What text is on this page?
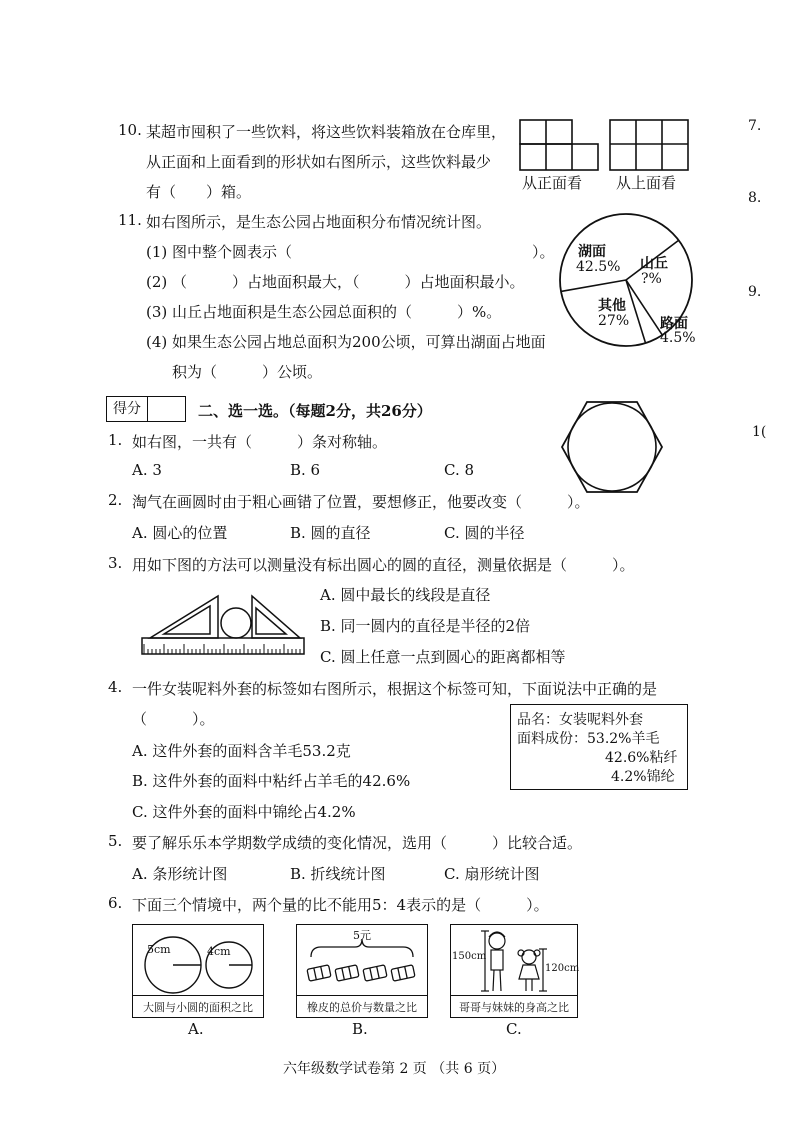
7.
8.
9.
1(
10. 某超市囤积了一些饮料，将这些饮料装箱放在仓库里，
从正面和上面看到的形状如右图所示，这些饮料最少
有（　　）箱。	从正面看 从上面看
11. 如右图所示，是生态公园占地面积分布情况统计图。
(1) 图中整个圆表示（　　　　　　　　　　　　　　　　）。
(2) （　　　）占地面积最大，（　　　）占地面积最小。
(3) 山丘占地面积是生态公园总面积的（　　　）%。
(4) 如果生态公园占地总面积为200公顷，可算出湖面占地面
积为（　　　）公顷。
湖面
42.5% 山丘
?%
其他
27% 路面
4.5%
得分	二、选一选。（每题2分，共26分）
1. 如右图，一共有（　　　）条对称轴。
A. 3	B. 6	C. 8
2. 淘气在画圆时由于粗心画错了位置，要想修正，他要改变（　　　）。
A. 圆心的位置	B. 圆的直径	C. 圆的半径
3. 用如下图的方法可以测量没有标出圆心的圆的直径，测量依据是（　　　）。
A. 圆中最长的线段是直径
B. 同一圆内的直径是半径的2倍
C. 圆上任意一点到圆心的距离都相等
4. 一件女装呢料外套的标签如右图所示，根据这个标签可知，下面说法中正确的是
（　　　）。
A. 这件外套的面料含羊毛53.2克
B. 这件外套的面料中粘纤占羊毛的42.6%
C. 这件外套的面料中锦纶占4.2%
品名：女装呢料外套
面料成份：53.2%羊毛
42.6%粘纤
4.2%锦纶
5. 要了解乐乐本学期数学成绩的变化情况，选用（　　　）比较合适。
A. 条形统计图	B. 折线统计图	C. 扇形统计图
6. 下面三个情境中，两个量的比不能用5：4表示的是（　　　）。
5cm	4cm
大圆与小圆的面积之比
A.
5元
橡皮的总价与数量之比
B.
150cm
120cm
哥哥与妹妹的身高之比
C.
六年级数学试卷第 2 页 （共 6 页）
